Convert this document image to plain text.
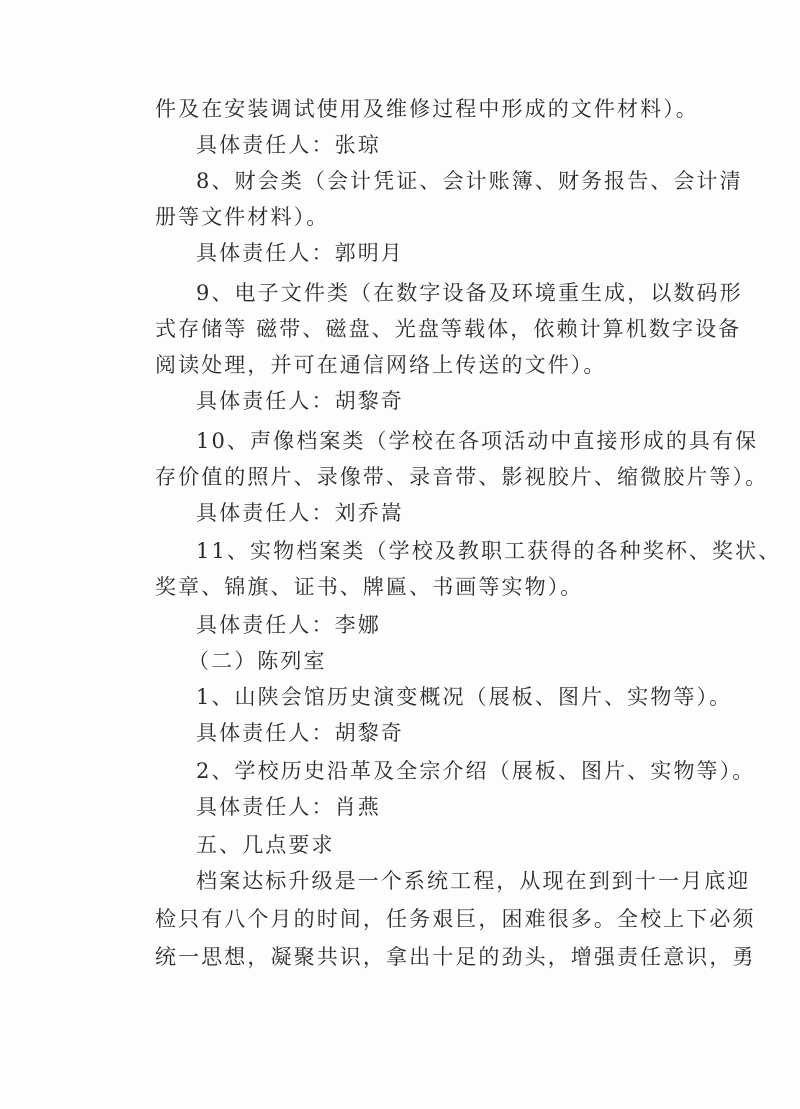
件及在安装调试使用及维修过程中形成的文件材料）。
具体责任人：张琼
8、财会类（会计凭证、会计账簿、财务报告、会计清
册等文件材料）。
具体责任人：郭明月
9、电子文件类（在数字设备及环境重生成，以数码形
式存储等 磁带、磁盘、光盘等载体，依赖计算机数字设备
阅读处理，并可在通信网络上传送的文件）。
具体责任人：胡黎奇
10、声像档案类（学校在各项活动中直接形成的具有保
存价值的照片、录像带、录音带、影视胶片、缩微胶片等）。
具体责任人：刘乔嵩
11、实物档案类（学校及教职工获得的各种奖杯、奖状、
奖章、锦旗、证书、牌匾、书画等实物）。
具体责任人：李娜
（二）陈列室
1、山陕会馆历史演变概况（展板、图片、实物等）。
具体责任人：胡黎奇
2、学校历史沿革及全宗介绍（展板、图片、实物等）。
具体责任人：肖燕
五、几点要求
档案达标升级是一个系统工程，从现在到到十一月底迎
检只有八个月的时间，任务艰巨，困难很多。全校上下必须
统一思想，凝聚共识，拿出十足的劲头，增强责任意识，勇
